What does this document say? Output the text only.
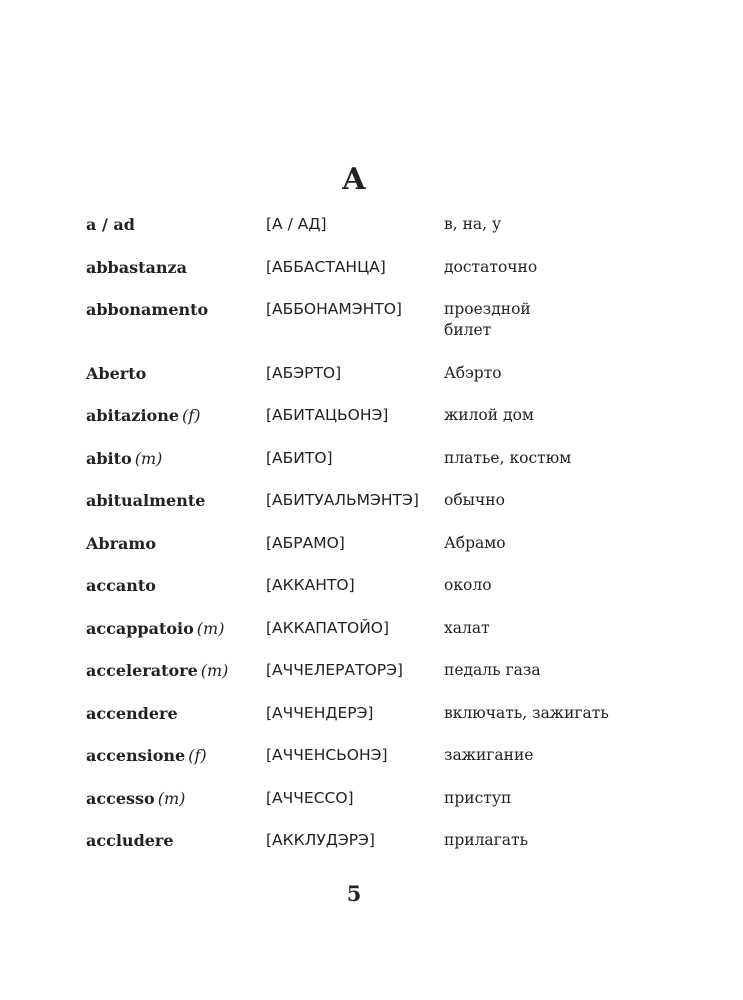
А
a / ad	[А / АД]	в, на, у
abbastanza	[АББАСТАНЦА]	достаточно
abbonamento	[АББОНАМЭНТО]	проездной билет
Aberto	[АБЭРТО]	Абэрто
abitazione (f)	[АБИТАЦЬОНЭ]	жилой дом
abito (m)	[АБИТО]	платье, костюм
abitualmente	[АБИТУАЛЬМЭНТЭ]	обычно
Abramo	[АБРАМО]	Абрамо
accanto	[АККАНТО]	около
accappatoio (m)	[АККАПАТОЙО]	халат
acceleratore (m)	[АЧЧЕЛЕРАТОРЭ]	педаль газа
accendere	[АЧЧЕНДЕРЭ]	включать, зажигать
accensione (f)	[АЧЧЕНСЬОНЭ]	зажигание
accesso (m)	[АЧЧЕССО]	приступ
accludere	[АККЛУДЭРЭ]	прилагать
5
